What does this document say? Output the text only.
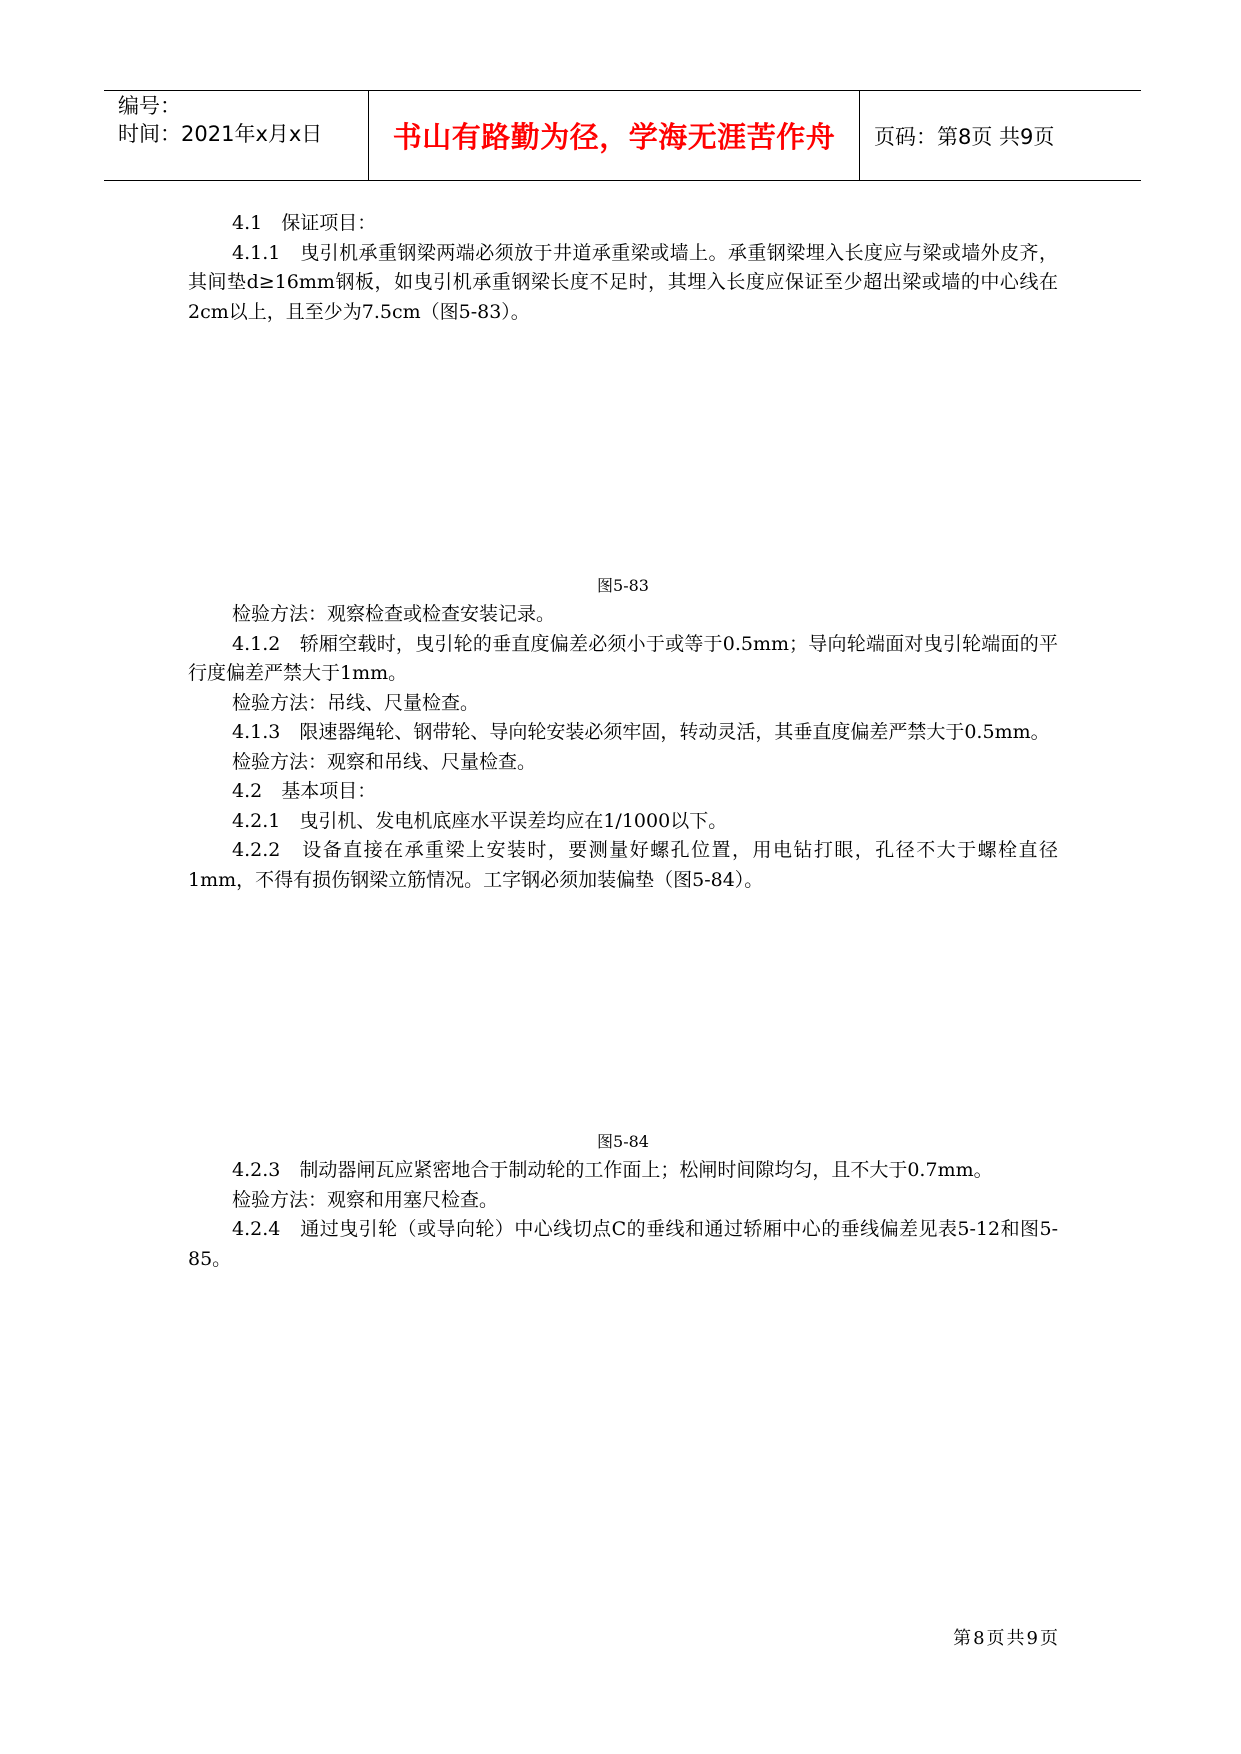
编号：
时间：2021年x月x日	书山有路勤为径，学海无涯苦作舟	页码：第8页 共9页

4.1　保证项目：

4.1.1　曳引机承重钢梁两端必须放于井道承重梁或墙上。承重钢梁埋入长度应与梁或墙外皮齐，其间垫d≥16mm钢板，如曳引机承重钢梁长度不足时，其埋入长度应保证至少超出梁或墙的中心线在2cm以上，且至少为7.5cm（图5-83）。

图5-83

检验方法：观察检查或检查安装记录。

4.1.2　轿厢空载时，曳引轮的垂直度偏差必须小于或等于0.5mm；导向轮端面对曳引轮端面的平行度偏差严禁大于1mm。

检验方法：吊线、尺量检查。

4.1.3　限速器绳轮、钢带轮、导向轮安装必须牢固，转动灵活，其垂直度偏差严禁大于0.5mm。

检验方法：观察和吊线、尺量检查。

4.2　基本项目：

4.2.1　曳引机、发电机底座水平误差均应在1/1000以下。

4.2.2　设备直接在承重梁上安装时，要测量好螺孔位置，用电钻打眼，孔径不大于螺栓直径1mm，不得有损伤钢梁立筋情况。工字钢必须加装偏垫（图5-84）。

图5-84

4.2.3　制动器闸瓦应紧密地合于制动轮的工作面上；松闸时间隙均匀，且不大于0.7mm。

检验方法：观察和用塞尺检查。

4.2.4　通过曳引轮（或导向轮）中心线切点C的垂线和通过轿厢中心的垂线偏差见表5-12和图5-85。

第8页共9页
